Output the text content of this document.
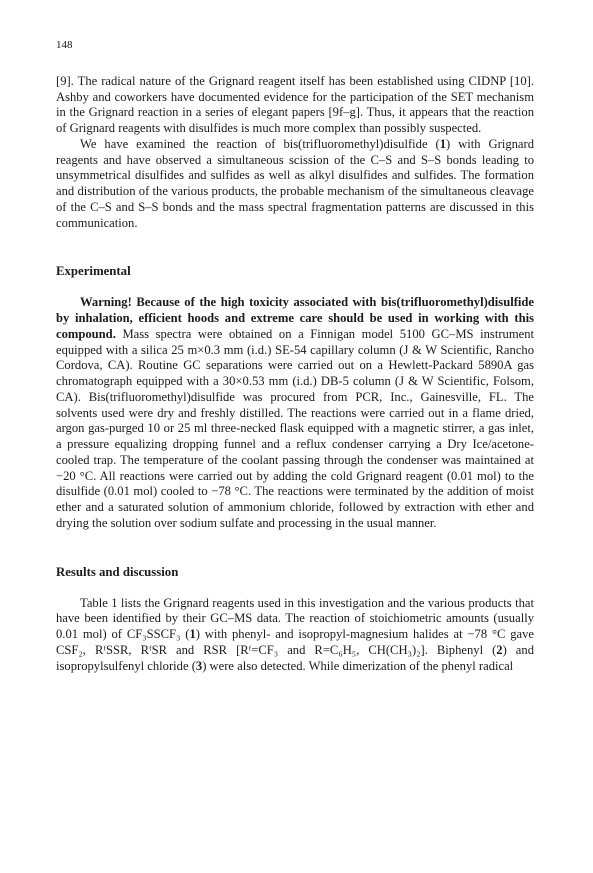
148

[9]. The radical nature of the Grignard reagent itself has been established using CIDNP [10]. Ashby and coworkers have documented evidence for the participation of the SET mechanism in the Grignard reaction in a series of elegant papers [9f–g]. Thus, it appears that the reaction of Grignard reagents with disulfides is much more complex than possibly suspected.

We have examined the reaction of bis(trifluoromethyl)disulfide (1) with Grignard reagents and have observed a simultaneous scission of the C–S and S–S bonds leading to unsymmetrical disulfides and sulfides as well as alkyl disulfides and sulfides. The formation and distribution of the various products, the probable mechanism of the simultaneous cleavage of the C–S and S–S bonds and the mass spectral fragmentation patterns are discussed in this communication.

Experimental

Warning! Because of the high toxicity associated with bis(trifluoromethyl)disulfide by inhalation, efficient hoods and extreme care should be used in working with this compound. Mass spectra were obtained on a Finnigan model 5100 GC–MS instrument equipped with a silica 25 m×0.3 mm (i.d.) SE-54 capillary column (J & W Scientific, Rancho Cordova, CA). Routine GC separations were carried out on a Hewlett-Packard 5890A gas chromatograph equipped with a 30×0.53 mm (i.d.) DB-5 column (J & W Scientific, Folsom, CA). Bis(trifluoromethyl)disulfide was procured from PCR, Inc., Gainesville, FL. The solvents used were dry and freshly distilled. The reactions were carried out in a flame dried, argon gas-purged 10 or 25 ml three-necked flask equipped with a magnetic stirrer, a gas inlet, a pressure equalizing dropping funnel and a reflux condenser carrying a Dry Ice/acetone-cooled trap. The temperature of the coolant passing through the condenser was maintained at −20 °C. All reactions were carried out by adding the cold Grignard reagent (0.01 mol) to the disulfide (0.01 mol) cooled to −78 °C. The reactions were terminated by the addition of moist ether and a saturated solution of ammonium chloride, followed by extraction with ether and drying the solution over sodium sulfate and processing in the usual manner.

Results and discussion

Table 1 lists the Grignard reagents used in this investigation and the various products that have been identified by their GC–MS data. The reaction of stoichiometric amounts (usually 0.01 mol) of CF₃SSCF₃ (1) with phenyl- and isopropyl-magnesium halides at −78 °C gave CSF₂, RᶠSSR, RᶠSR and RSR [Rᶠ=CF₃ and R=C₆H₅, CH(CH₃)₂]. Biphenyl (2) and isopropylsulfenyl chloride (3) were also detected. While dimerization of the phenyl radical
